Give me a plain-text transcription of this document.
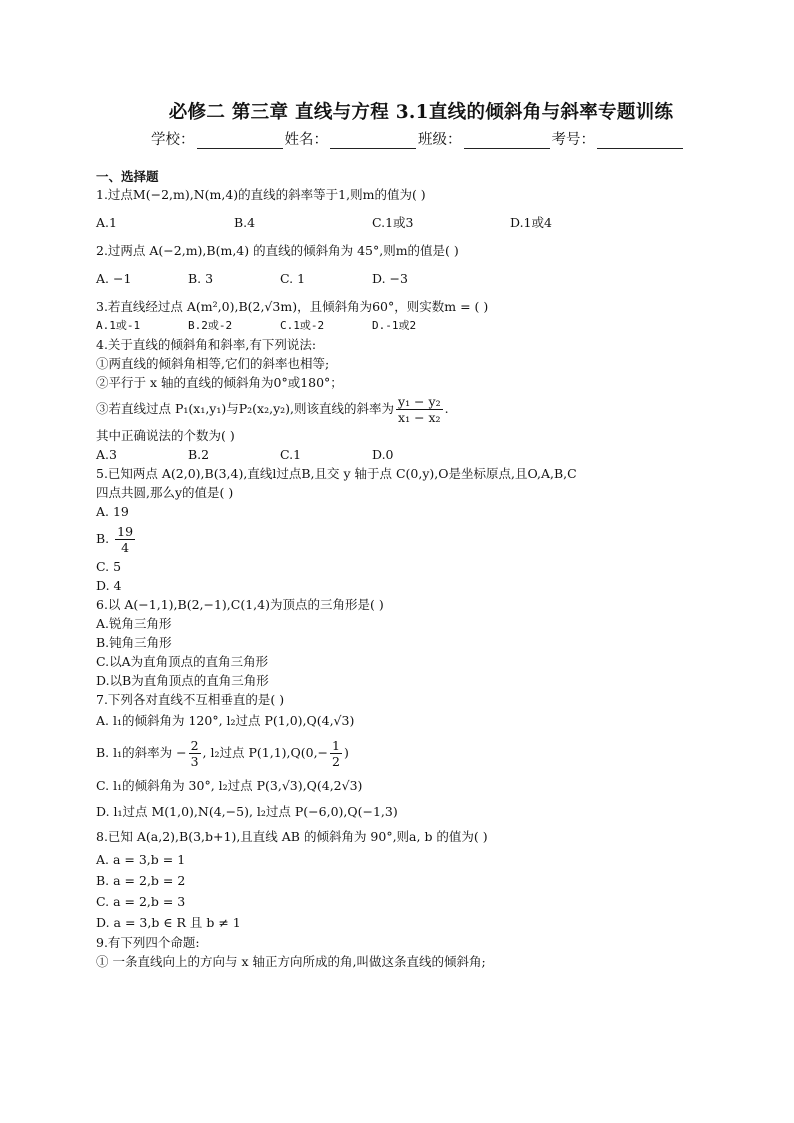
必修二 第三章 直线与方程 3.1直线的倾斜角与斜率专题训练
学校：	姓名：	班级：	考号：
一、选择题
1.过点M(−2,m),N(m,4)的直线的斜率等于1,则m的值为( )
A.1	B.4	C.1或3	D.1或4
2.过两点 A(−2,m),B(m,4) 的直线的倾斜角为 45°,则m的值是( )
A. −1	B. 3	C. 1	D. −3
3.若直线经过点 A(m²,0),B(2,√3m)，且倾斜角为60°，则实数m = ( )
A.1或-1	B.2或-2	C.1或-2	D.-1或2
4.关于直线的倾斜角和斜率,有下列说法:
①两直线的倾斜角相等,它们的斜率也相等;
②平行于 x 轴的直线的倾斜角为0°或180°；
③若直线过点 P₁(x₁,y₁)与P₂(x₂,y₂),则该直线的斜率为 $\frac{\text{y₁ − y₂}}{\text{x₁ − x₂}}$ .
其中正确说法的个数为( )
A.3	B.2	C.1	D.0
5.已知两点 A(2,0),B(3,4),直线l过点B,且交 y 轴于点 C(0,y),O是坐标原点,且O,A,B,C
四点共圆,那么y的值是( )
A. 19
B. $\frac{19}{4}$
C. 5
D. 4
6.以 A(−1,1),B(2,−1),C(1,4)为顶点的三角形是( )
A.锐角三角形
B.钝角三角形
C.以A为直角顶点的直角三角形
D.以B为直角顶点的直角三角形
7.下列各对直线不互相垂直的是( )
A. l₁的倾斜角为 120°, l₂过点 P(1,0),Q(4,√3)
B. l₁的斜率为 − $\frac{2}{3}$ , l₂过点 $P(1,1),Q(0,- \frac{1}{2}$ )
C. l₁的倾斜角为 30°, l₂过点 P(3,√3),Q(4,2√3)
D. l₁过点 M(1,0),N(4,−5), l₂过点 P(−6,0),Q(−1,3)
8.已知 A(a,2),B(3,b+1),且直线 AB 的倾斜角为 90°,则a, b 的值为( )
A. a = 3,b = 1
B. a = 2,b = 2
C. a = 2,b = 3
D. a = 3,b ∈ R 且 b ≠ 1
9.有下列四个命题:
① 一条直线向上的方向与 x 轴正方向所成的角,叫做这条直线的倾斜角;
